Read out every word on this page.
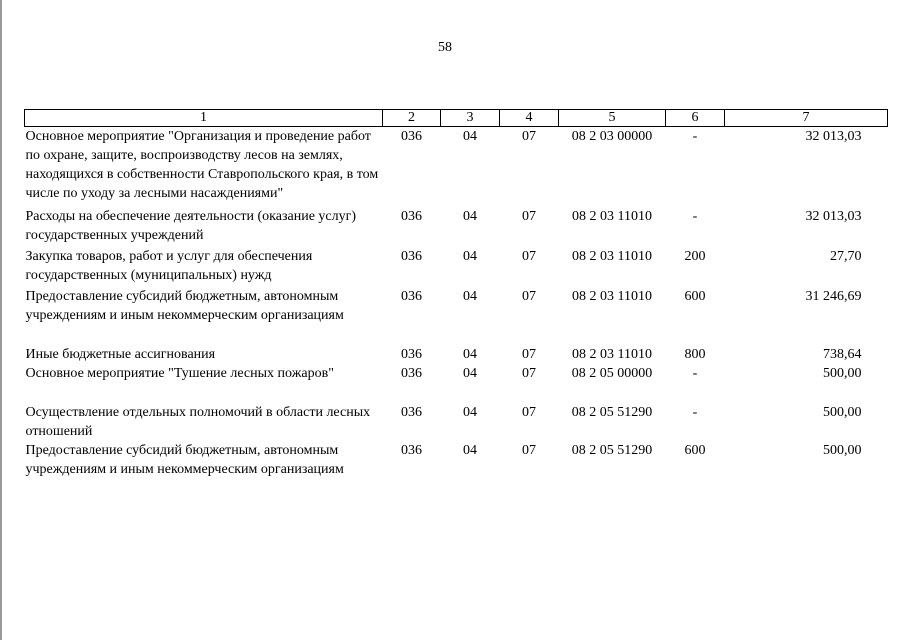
58
1	2	3	4	5	6	7
Основное мероприятие "Организация и проведение работ по охране, защите, воспроизводству лесов на землях, находящихся в собственности Ставропольского края, в том числе по уходу за лесными насаждениями"	036	04	07	08 2 03 00000	-	32 013,03

Расходы на обеспечение деятельности (оказание услуг) государственных учреждений	036	04	07	08 2 03 11010	-	32 013,03

Закупка товаров, работ и услуг для обеспечения государственных (муниципальных) нужд	036	04	07	08 2 03 11010	200	27,70

Предоставление субсидий бюджетным, автономным учреждениям и иным некоммерческим организациям	036	04	07	08 2 03 11010	600	31 246,69
Иные бюджетные ассигнования	036	04	07	08 2 03 11010	800	738,64
Основное мероприятие "Тушение лесных пожаров"	036	04	07	08 2 05 00000	-	500,00
Осуществление отдельных полномочий в области лесных отношений	036	04	07	08 2 05 51290	-	500,00
Предоставление субсидий бюджетным, автономным учреждениям и иным некоммерческим организациям	036	04	07	08 2 05 51290	600	500,00
